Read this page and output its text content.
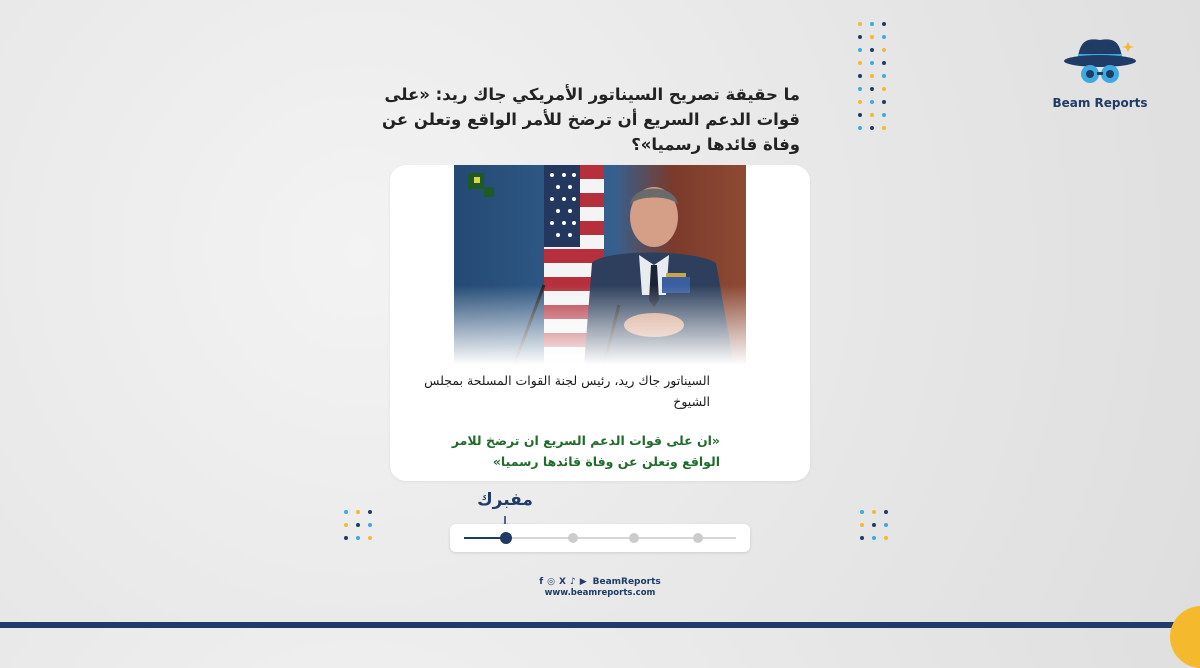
Beam Reports
ما حقيقة تصريح السيناتور الأمريكي جاك ريد: «على قوات الدعم السريع أن ترضخ للأمر الواقع وتعلن عن وفاة قائدها رسميا»؟
السيناتور جاك ريد، رئيس لجنة القوات المسلحة بمجلس الشيوخ
«ان على قوات الدعم السريع ان ترضخ للامر الواقع وتعلن عن وفاة قائدها رسميا»
مفبرك
f ◎ X ♪ ▶ BeamReports
www.beamreports.com
